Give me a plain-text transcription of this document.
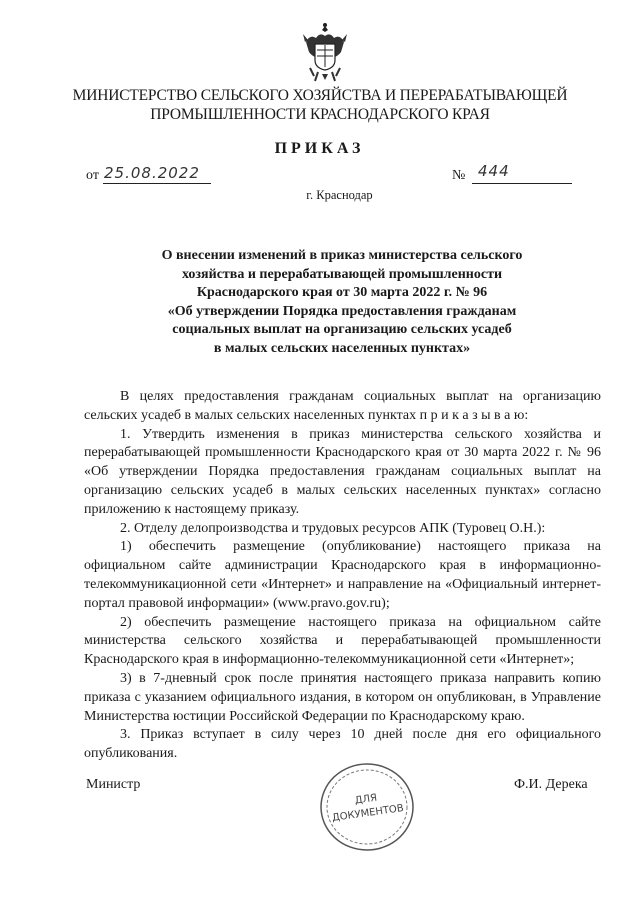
МИНИСТЕРСТВО СЕЛЬСКОГО ХОЗЯЙСТВА И ПЕРЕРАБАТЫВАЮЩЕЙ
ПРОМЫШЛЕННОСТИ КРАСНОДАРСКОГО КРАЯ
ПРИКАЗ
от 25.08.2022	№ 444
г. Краснодар
О внесении изменений в приказ министерства сельского
хозяйства и перерабатывающей промышленности
Краснодарского края от 30 марта 2022 г. № 96
«Об утверждении Порядка предоставления гражданам
социальных выплат на организацию сельских усадеб
в малых сельских населенных пунктах»

В целях предоставления гражданам социальных выплат на организацию сельских усадеб в малых сельских населенных пунктах п р и к а з ы в а ю:

1. Утвердить изменения в приказ министерства сельского хозяйства и перерабатывающей промышленности Краснодарского края от 30 марта 2022 г. № 96 «Об утверждении Порядка предоставления гражданам социальных выплат на организацию сельских усадеб в малых сельских населенных пунктах» согласно приложению к настоящему приказу.

2. Отделу делопроизводства и трудовых ресурсов АПК (Туровец О.Н.):

1) обеспечить размещение (опубликование) настоящего приказа на официальном сайте администрации Краснодарского края в информационно-телекоммуникационной сети «Интернет» и направление на «Официальный интернет-портал правовой информации» (www.pravo.gov.ru);

2) обеспечить размещение настоящего приказа на официальном сайте министерства сельского хозяйства и перерабатывающей промышленности Краснодарского края в информационно-телекоммуникационной сети «Интернет»;

3) в 7-дневный срок после принятия настоящего приказа направить копию приказа с указанием официального издания, в котором он опубликован, в Управление Министерства юстиции Российской Федерации по Краснодарскому краю.

3. Приказ вступает в силу через 10 дней после дня его официального опубликования.

Министр	Ф.И. Дерека
ДЛЯ
ДОКУМЕНТОВ
